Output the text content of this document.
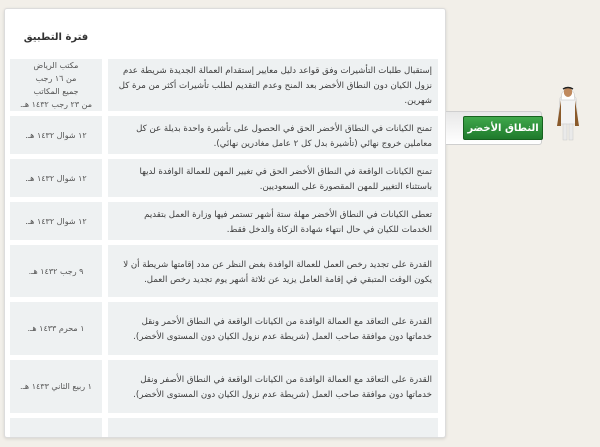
فترة التطبيق
إستقبال طلبات التأشيرات وفق قواعد دليل معايير إستقدام العمالة الجديدة شريطة عدم نزول الكيان دون النطاق الأخضر بعد المنح وعدم التقديم لطلب تأشيرات أكثر من مرة كل شهرين.
مكتب الرياض
من ١٦ رجب
جميع المكاتب
من ٢٣ رجب ١٤٣٢ هـ.
تمنح الكيانات في النطاق الأخضر الحق في الحصول على تأشيرة واحدة بديلة عن كل معاملين خروج نهائي (تأشيرة بدل كل ٢ عامل مغادرين نهائي).
١٢ شوال ١٤٣٢ هـ.
تمنح الكيانات الواقعة في النطاق الأخضر الحق في تغيير المهن للعمالة الوافدة لديها باستثناء التغيير للمهن المقصورة على السعوديين.
١٢ شوال ١٤٣٢ هـ.
تعطى الكيانات في النطاق الأخضر مهلة ستة أشهر تستمر فيها وزارة العمل بتقديم الخدمات للكيان في حال انتهاء شهادة الزكاة والدخل فقط.
١٢ شوال ١٤٣٢ هـ.
القدرة على تجديد رخص العمل للعمالة الوافدة بغض النظر عن مدد إقامتها شريطة أن لا يكون الوقت المتبقي في إقامة العامل يزيد عن ثلاثة أشهر يوم تجديد رخص العمل.
٩ رجب ١٤٣٢ هـ.
القدرة على التعاقد مع العمالة الوافدة من الكيانات الواقعة في النطاق الأحمر ونقل خدماتها دون موافقة صاحب العمل (شريطة عدم نزول الكيان دون المستوى الأخضر).
١ محرم ١٤٣٣ هـ.
القدرة على التعاقد مع العمالة الوافدة من الكيانات الواقعة في النطاق الأصفر ونقل خدماتها دون موافقة صاحب العمل (شريطة عدم نزول الكيان دون المستوى الأخضر).
١ ربيع الثاني ١٤٣٣ هـ.
النطاق الأخضر
